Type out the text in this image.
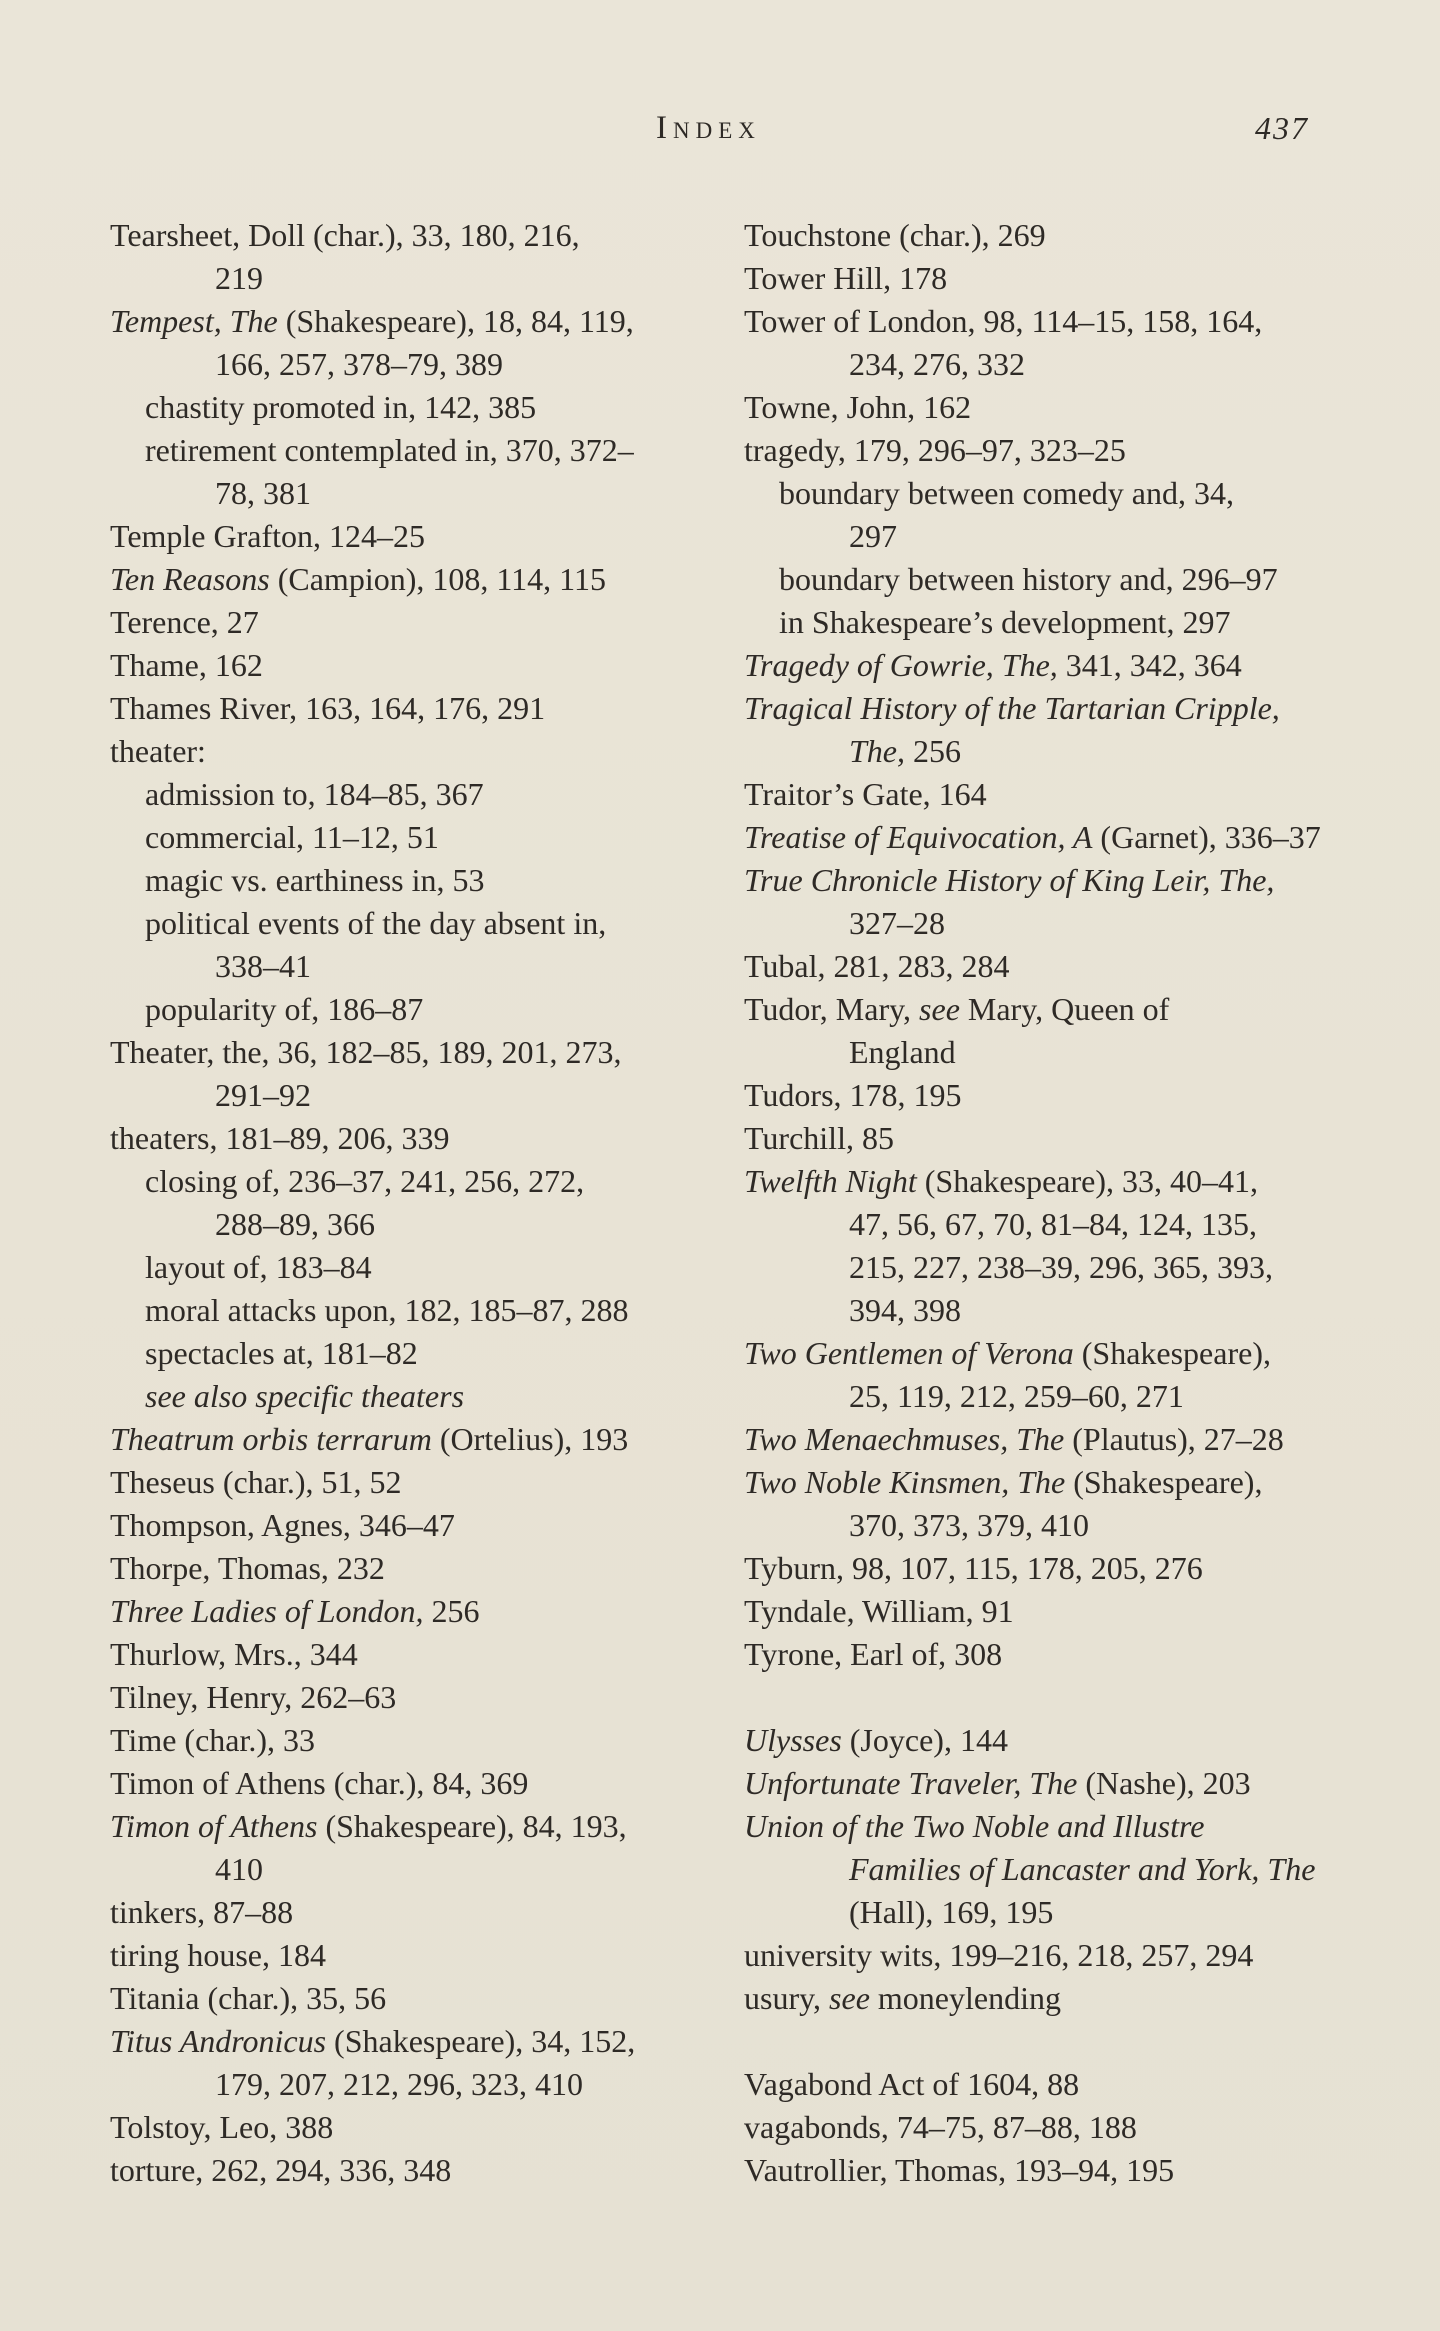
Index	437
Tearsheet, Doll (char.), 33, 180, 216,
219
Tempest, The (Shakespeare), 18, 84, 119,
166, 257, 378–79, 389
chastity promoted in, 142, 385
retirement contemplated in, 370, 372–
78, 381
Temple Grafton, 124–25
Ten Reasons (Campion), 108, 114, 115
Terence, 27
Thame, 162
Thames River, 163, 164, 176, 291
theater:
admission to, 184–85, 367
commercial, 11–12, 51
magic vs. earthiness in, 53
political events of the day absent in,
338–41
popularity of, 186–87
Theater, the, 36, 182–85, 189, 201, 273,
291–92
theaters, 181–89, 206, 339
closing of, 236–37, 241, 256, 272,
288–89, 366
layout of, 183–84
moral attacks upon, 182, 185–87, 288
spectacles at, 181–82
see also specific theaters
Theatrum orbis terrarum (Ortelius), 193
Theseus (char.), 51, 52
Thompson, Agnes, 346–47
Thorpe, Thomas, 232
Three Ladies of London, 256
Thurlow, Mrs., 344
Tilney, Henry, 262–63
Time (char.), 33
Timon of Athens (char.), 84, 369
Timon of Athens (Shakespeare), 84, 193,
410
tinkers, 87–88
tiring house, 184
Titania (char.), 35, 56
Titus Andronicus (Shakespeare), 34, 152,
179, 207, 212, 296, 323, 410
Tolstoy, Leo, 388
torture, 262, 294, 336, 348
Touchstone (char.), 269
Tower Hill, 178
Tower of London, 98, 114–15, 158, 164,
234, 276, 332
Towne, John, 162
tragedy, 179, 296–97, 323–25
boundary between comedy and, 34,
297
boundary between history and, 296–97
in Shakespeare’s development, 297
Tragedy of Gowrie, The, 341, 342, 364
Tragical History of the Tartarian Cripple,
The, 256
Traitor’s Gate, 164
Treatise of Equivocation, A (Garnet), 336–37
True Chronicle History of King Leir, The,
327–28
Tubal, 281, 283, 284
Tudor, Mary, see Mary, Queen of
England
Tudors, 178, 195
Turchill, 85
Twelfth Night (Shakespeare), 33, 40–41,
47, 56, 67, 70, 81–84, 124, 135,
215, 227, 238–39, 296, 365, 393,
394, 398
Two Gentlemen of Verona (Shakespeare),
25, 119, 212, 259–60, 271
Two Menaechmuses, The (Plautus), 27–28
Two Noble Kinsmen, The (Shakespeare),
370, 373, 379, 410
Tyburn, 98, 107, 115, 178, 205, 276
Tyndale, William, 91
Tyrone, Earl of, 308
Ulysses (Joyce), 144
Unfortunate Traveler, The (Nashe), 203
Union of the Two Noble and Illustre
Families of Lancaster and York, The
(Hall), 169, 195
university wits, 199–216, 218, 257, 294
usury, see moneylending
Vagabond Act of 1604, 88
vagabonds, 74–75, 87–88, 188
Vautrollier, Thomas, 193–94, 195
